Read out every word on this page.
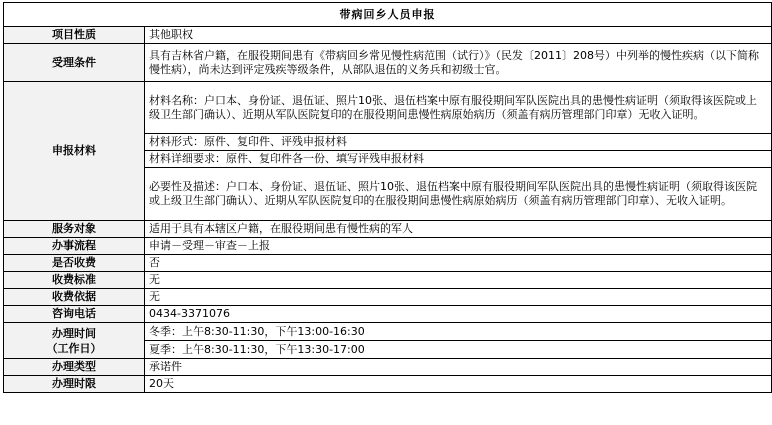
带病回乡人员申报	
项目性质	其他职权
受理条件	具有吉林省户籍，在服役期间患有《带病回乡常见慢性病范围（试行）》（民发〔2011〕208号）中列举的慢性疾病（以下简称慢性病），尚未达到评定残疾等级条件，从部队退伍的义务兵和初级士官。
申报材料	材料名称：户口本、身份证、退伍证、照片10张、退伍档案中原有服役期间军队医院出具的患慢性病证明（须取得该医院或上级卫生部门确认）、近期从军队医院复印的在服役期间患慢性病原始病历（须盖有病历管理部门印章）无收入证明。
	材料形式：原件、复印件、评残申报材料
	材料详细要求：原件、复印件各一份、填写评残申报材料
	必要性及描述：户口本、身份证、退伍证、照片10张、退伍档案中原有服役期间军队医院出具的患慢性病证明（须取得该医院或上级卫生部门确认）、近期从军队医院复印的在服役期间患慢性病原始病历（须盖有病历管理部门印章）、无收入证明。
服务对象	适用于具有本辖区户籍，在服役期间患有慢性病的军人
办事流程	申请－受理－审查－上报
是否收费	否
收费标准	无
收费依据	无
咨询电话	0434-3371076

办理时间
（工作日）	冬季：上午8:30-11:30，下午13:00-16:30
	夏季：上午8:30-11:30，下午13:30-17:00
办理类型	承诺件
办理时限	20天
